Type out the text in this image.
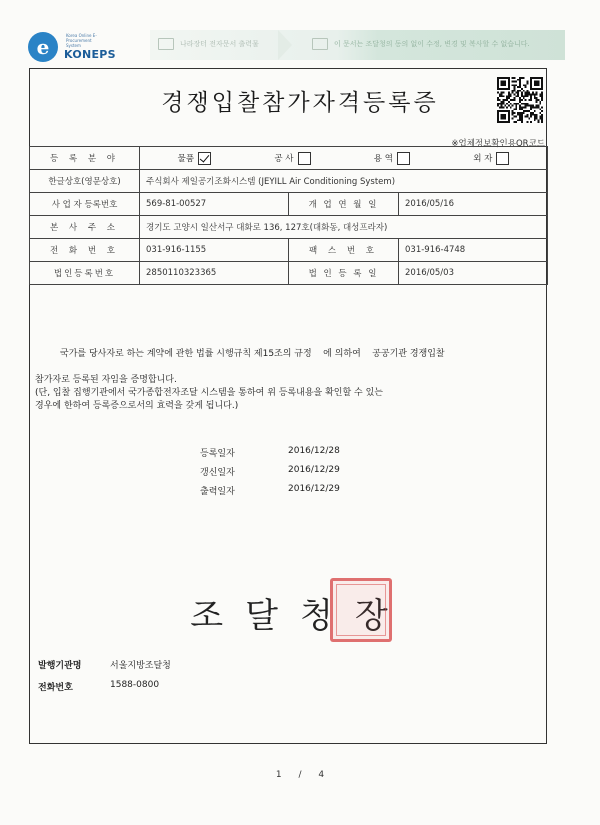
e	Korea Online E-Procurement System
KONEPS
나라장터 전자문서 출력물	이 문서는 조달청의 동의 없이 수정, 변경 및 복사할 수 없습니다.
경쟁입찰참가자격등록증
※업체정보확인용QR코드
등 록 분 야	물품 공 사 용 역 외 자		

한글상호(영문상호)	주식회사 제일공기조화시스템 (JEYILL Air Conditioning System)		
사 업 자 등록번호	569-81-00527	개 업 연 월 일	2016/05/16
본 사 주 소	경기도 고양시 일산서구 대화로 136, 127호(대화동, 대성프라자)		
전 화 번 호	031-916-1155	팩 스 번 호	031-916-4748
법인등록번호	2850110323365	법 인 등 록 일	2016/05/03
국가를 당사자로 하는 계약에 관한 법률 시행규칙 제15조의 규정    에 의하여    공공기관 경쟁입찰
참가자로 등록된 자임을 증명합니다.
(단, 입찰 집행기관에서 국가종합전자조달 시스템을 통하여 위 등록내용을 확인할 수 있는
경우에 한하여 등록증으로서의 효력을 갖게 됩니다.)
등록일자	2016/12/28
갱신일자	2016/12/29
출력일자	2016/12/29
조달청장
발행기관명	서울지방조달청
전화번호	1588-0800
1 / 4
